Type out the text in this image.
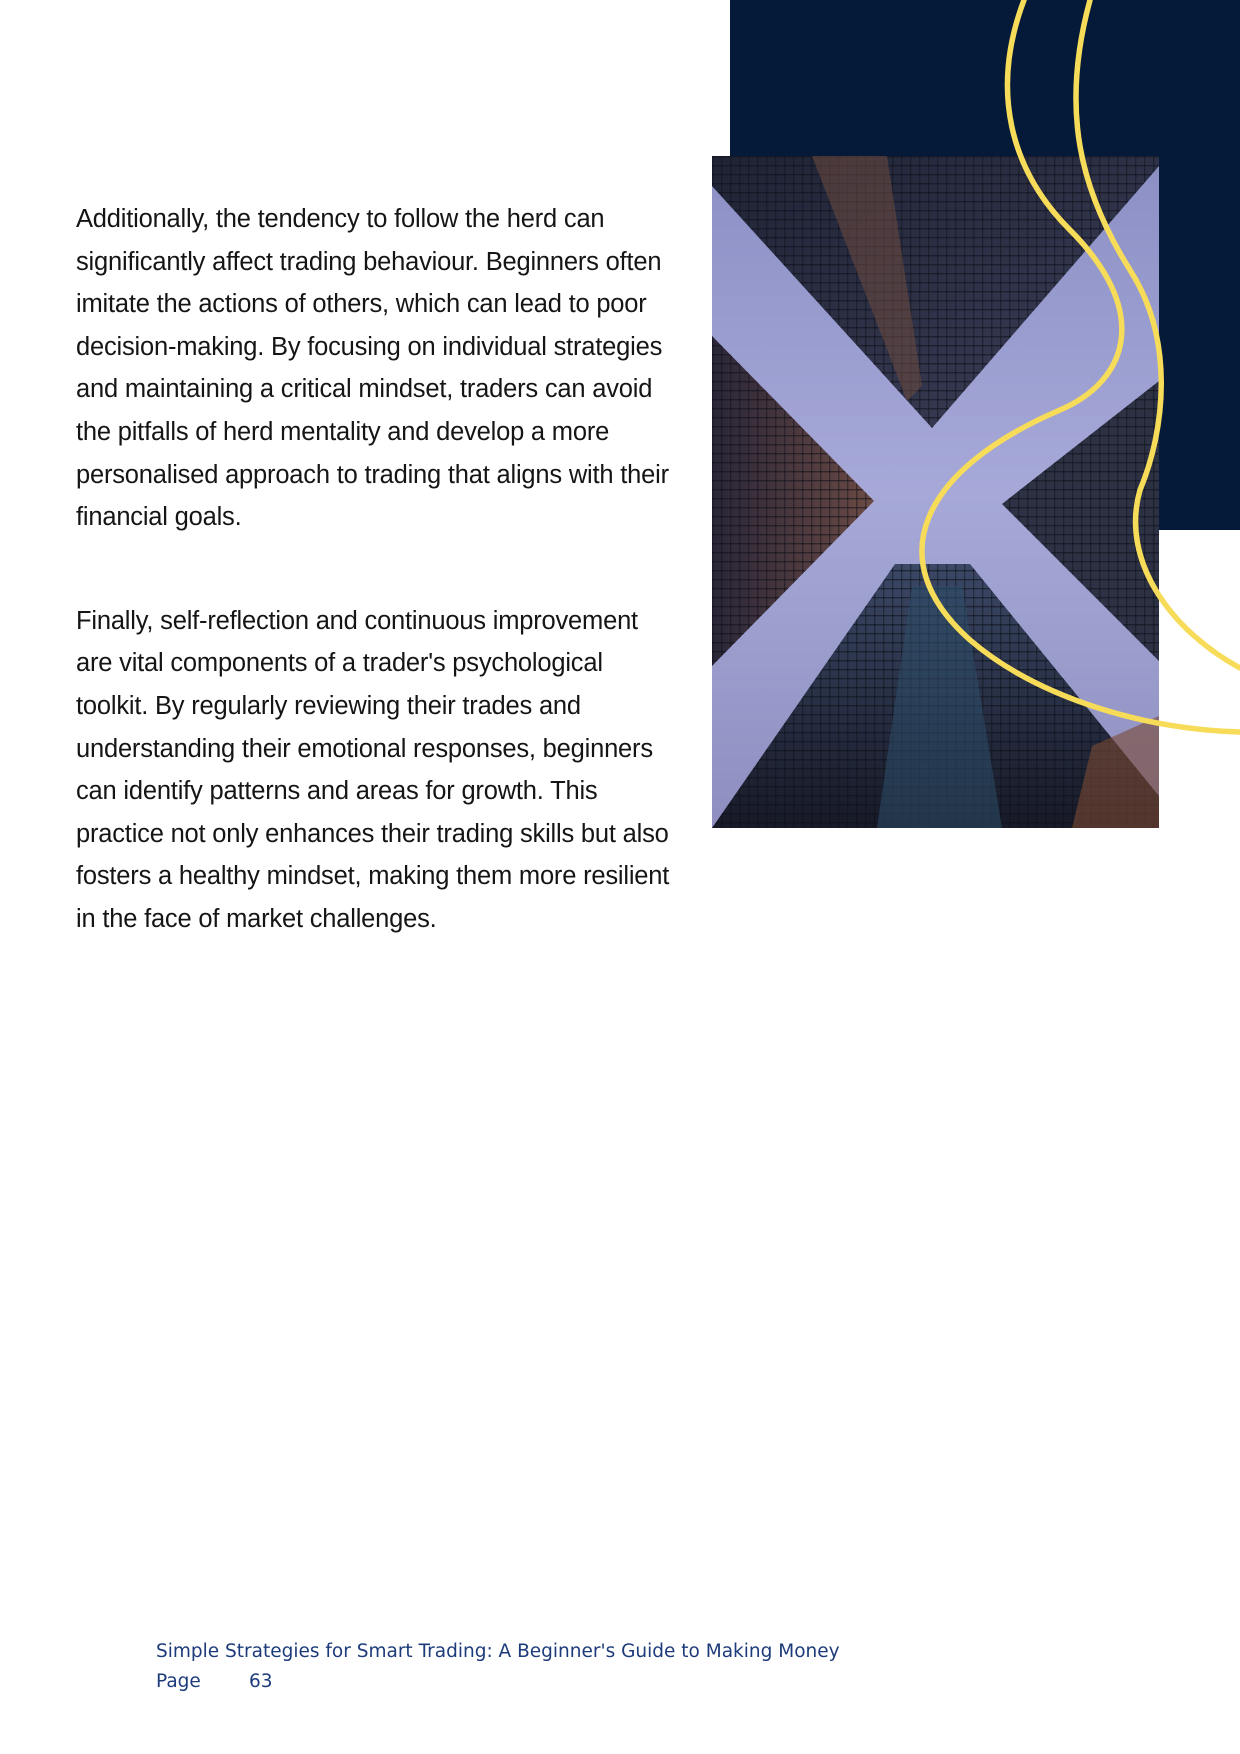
Additionally, the tendency to follow the herd can significantly affect trading behaviour. Beginners often imitate the actions of others, which can lead to poor decision-making. By focusing on individual strategies and maintaining a critical mindset, traders can avoid the pitfalls of herd mentality and develop a more personalised approach to trading that aligns with their financial goals.

Finally, self-reflection and continuous improvement are vital components of a trader's psychological toolkit. By regularly reviewing their trades and understanding their emotional responses, beginners can identify patterns and areas for growth. This practice not only enhances their trading skills but also fosters a healthy mindset, making them more resilient in the face of market challenges.

Simple Strategies for Smart Trading: A Beginner's Guide to Making Money
Page	63
